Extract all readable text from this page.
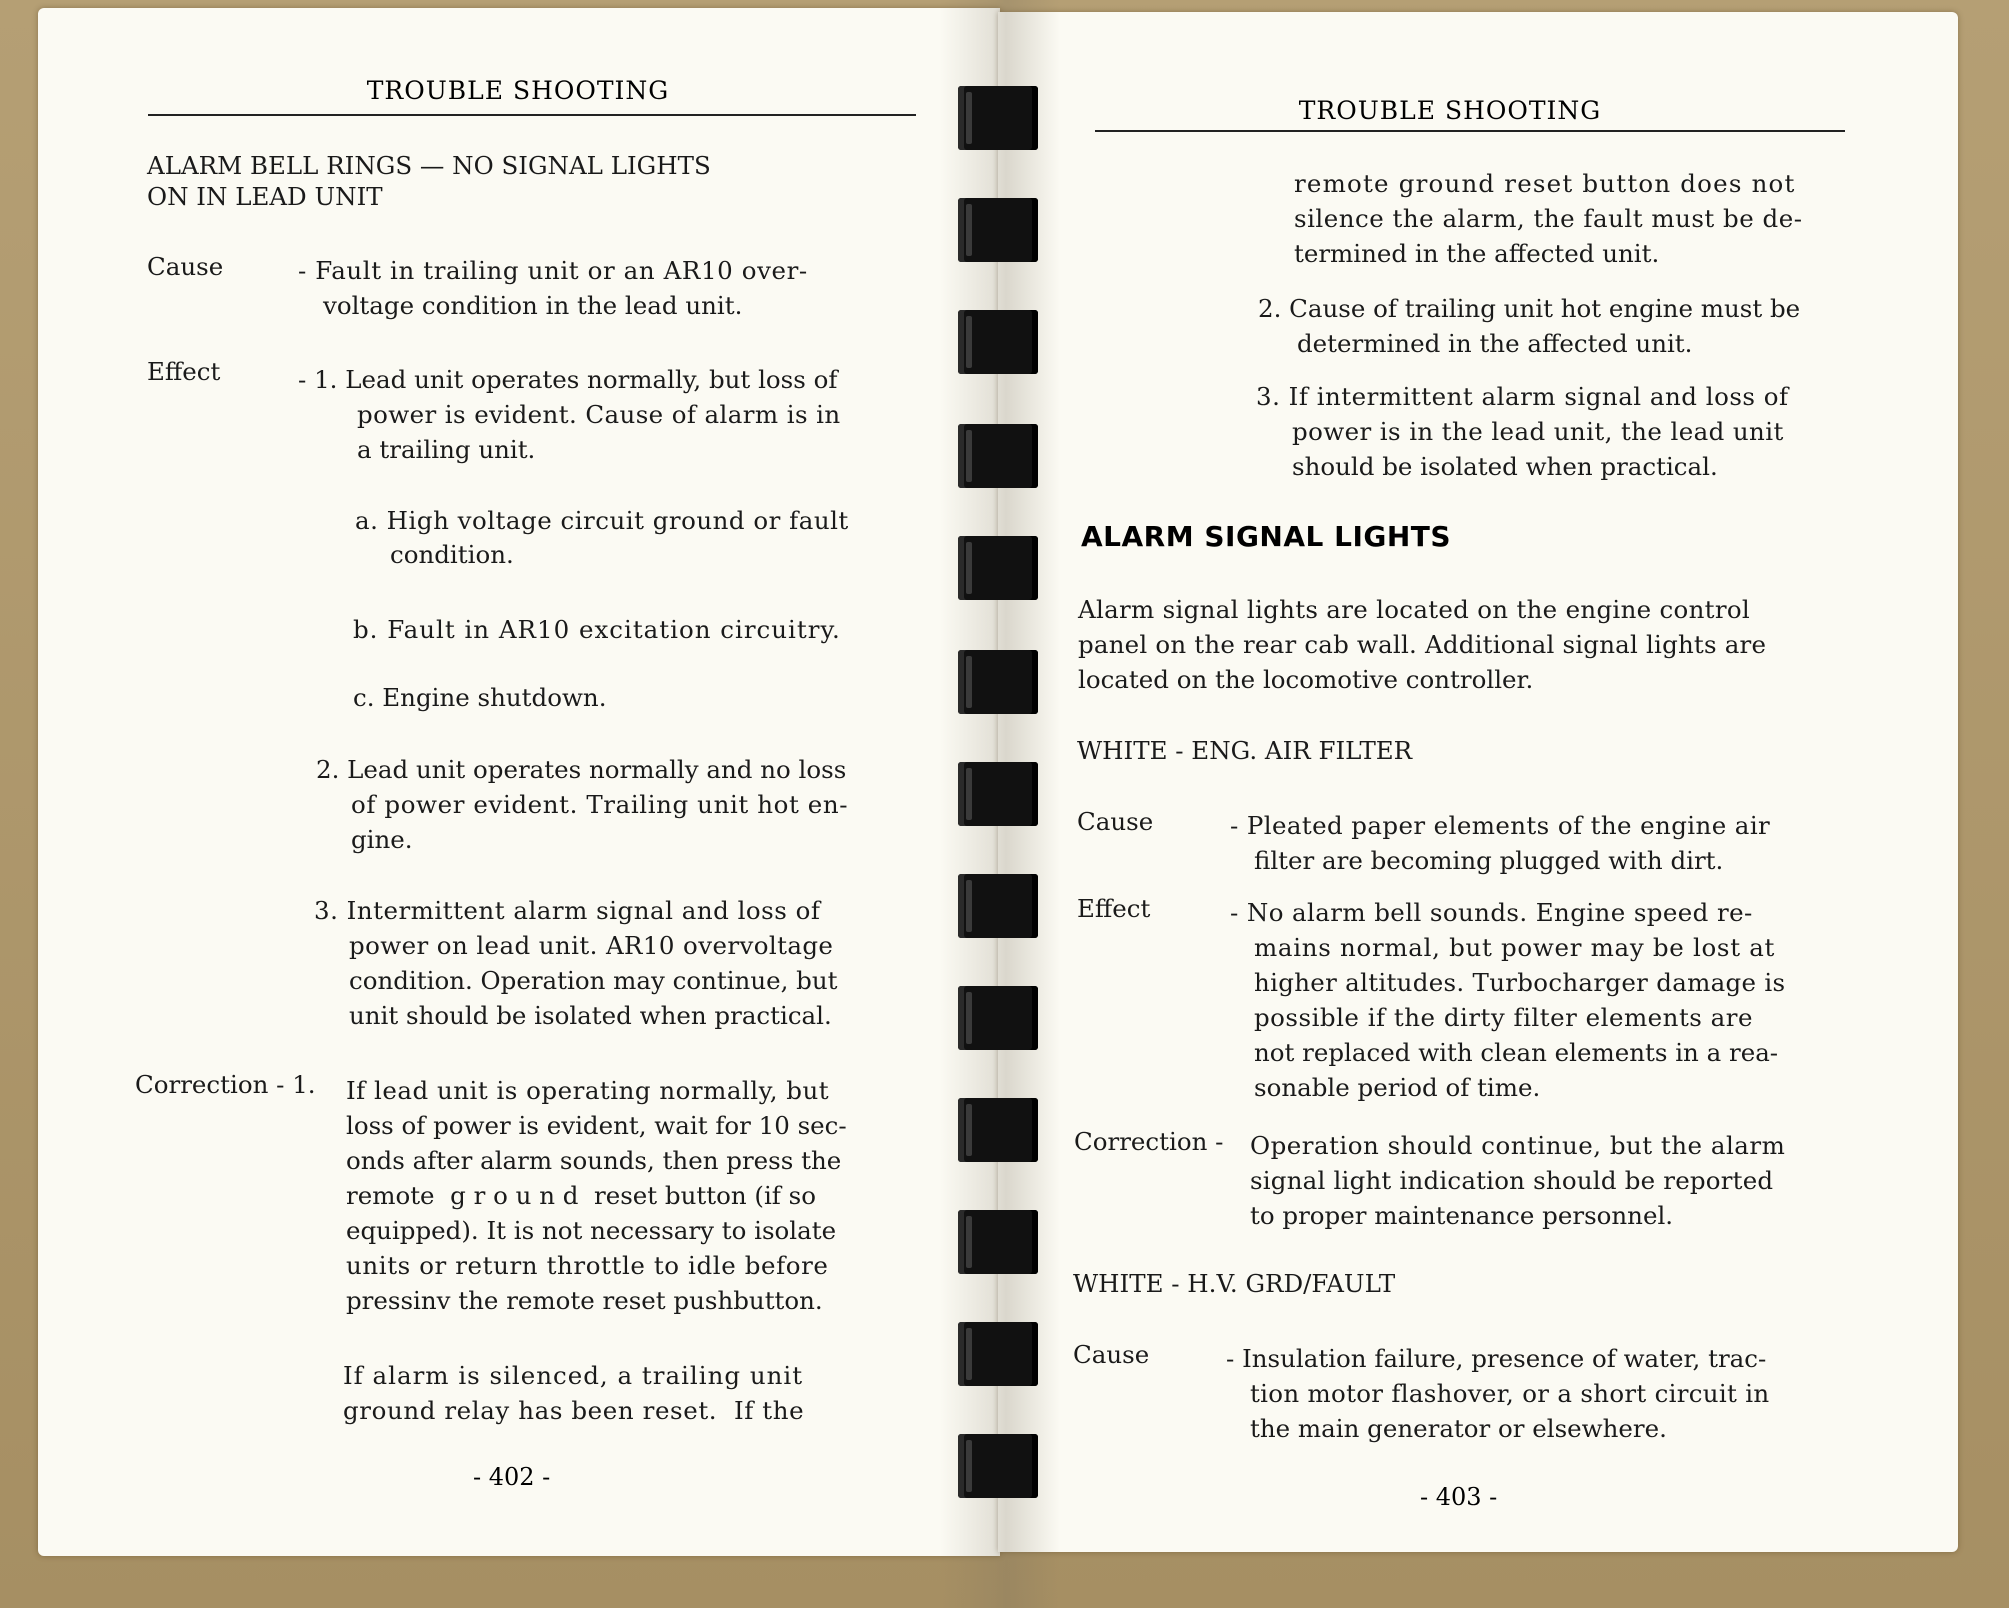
TROUBLE SHOOTING
ALARM BELL RINGS — NO SIGNAL LIGHTS
ON IN LEAD UNIT
Cause	- Fault in trailing unit or an AR10 over-
voltage condition in the lead unit.
Effect	- 1. Lead unit operates normally, but loss of
power is evident. Cause of alarm is in
a trailing unit.
a. High voltage circuit ground or fault
condition.
b. Fault in AR10 excitation circuitry.
c. Engine shutdown.
2. Lead unit operates normally and no loss
of power evident. Trailing unit hot en-
gine.
3. Intermittent alarm signal and loss of
power on lead unit. AR10 overvoltage
condition. Operation may continue, but
unit should be isolated when practical.
Correction - 1. If lead unit is operating normally, but
loss of power is evident, wait for 10 sec-
onds after alarm sounds, then press the
remote  g r o u n d  reset button (if so
equipped). It is not necessary to isolate
units or return throttle to idle before
pressinv the remote reset pushbutton.
If alarm is silenced, a trailing unit
ground relay has been reset.  If the
- 402 -
TROUBLE SHOOTING
remote ground reset button does not
silence the alarm, the fault must be de-
termined in the affected unit.
2. Cause of trailing unit hot engine must be
determined in the affected unit.
3. If intermittent alarm signal and loss of
power is in the lead unit, the lead unit
should be isolated when practical.
ALARM SIGNAL LIGHTS
Alarm signal lights are located on the engine control
panel on the rear cab wall. Additional signal lights are
located on the locomotive controller.
WHITE - ENG. AIR FILTER
Cause	- Pleated paper elements of the engine air
filter are becoming plugged with dirt.
Effect	- No alarm bell sounds. Engine speed re-
mains normal, but power may be lost at
higher altitudes. Turbocharger damage is
possible if the dirty filter elements are
not replaced with clean elements in a rea-
sonable period of time.
Correction - Operation should continue, but the alarm
signal light indication should be reported
to proper maintenance personnel.
WHITE - H.V. GRD/FAULT
Cause	- Insulation failure, presence of water, trac-
tion motor flashover, or a short circuit in
the main generator or elsewhere.
- 403 -
